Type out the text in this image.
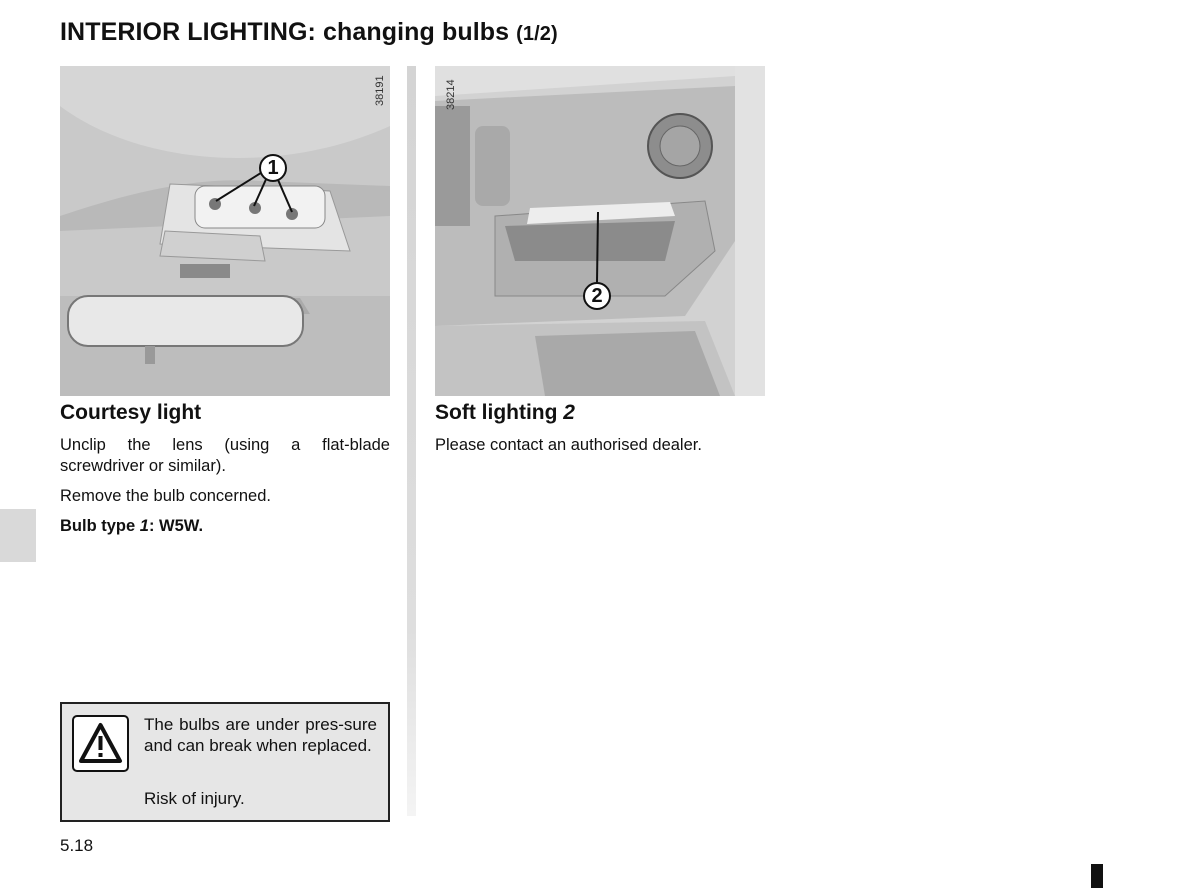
INTERIOR LIGHTING: changing bulbs (1/2)
38191
1
38214
2
Courtesy light

Unclip the lens (using a flat-blade screwdriver or similar).

Remove the bulb concerned.

Bulb type 1: W5W.

Soft lighting 2

Please contact an authorised dealer.

The bulbs are under pres-sure and can break when replaced.

Risk of injury.

5.18
